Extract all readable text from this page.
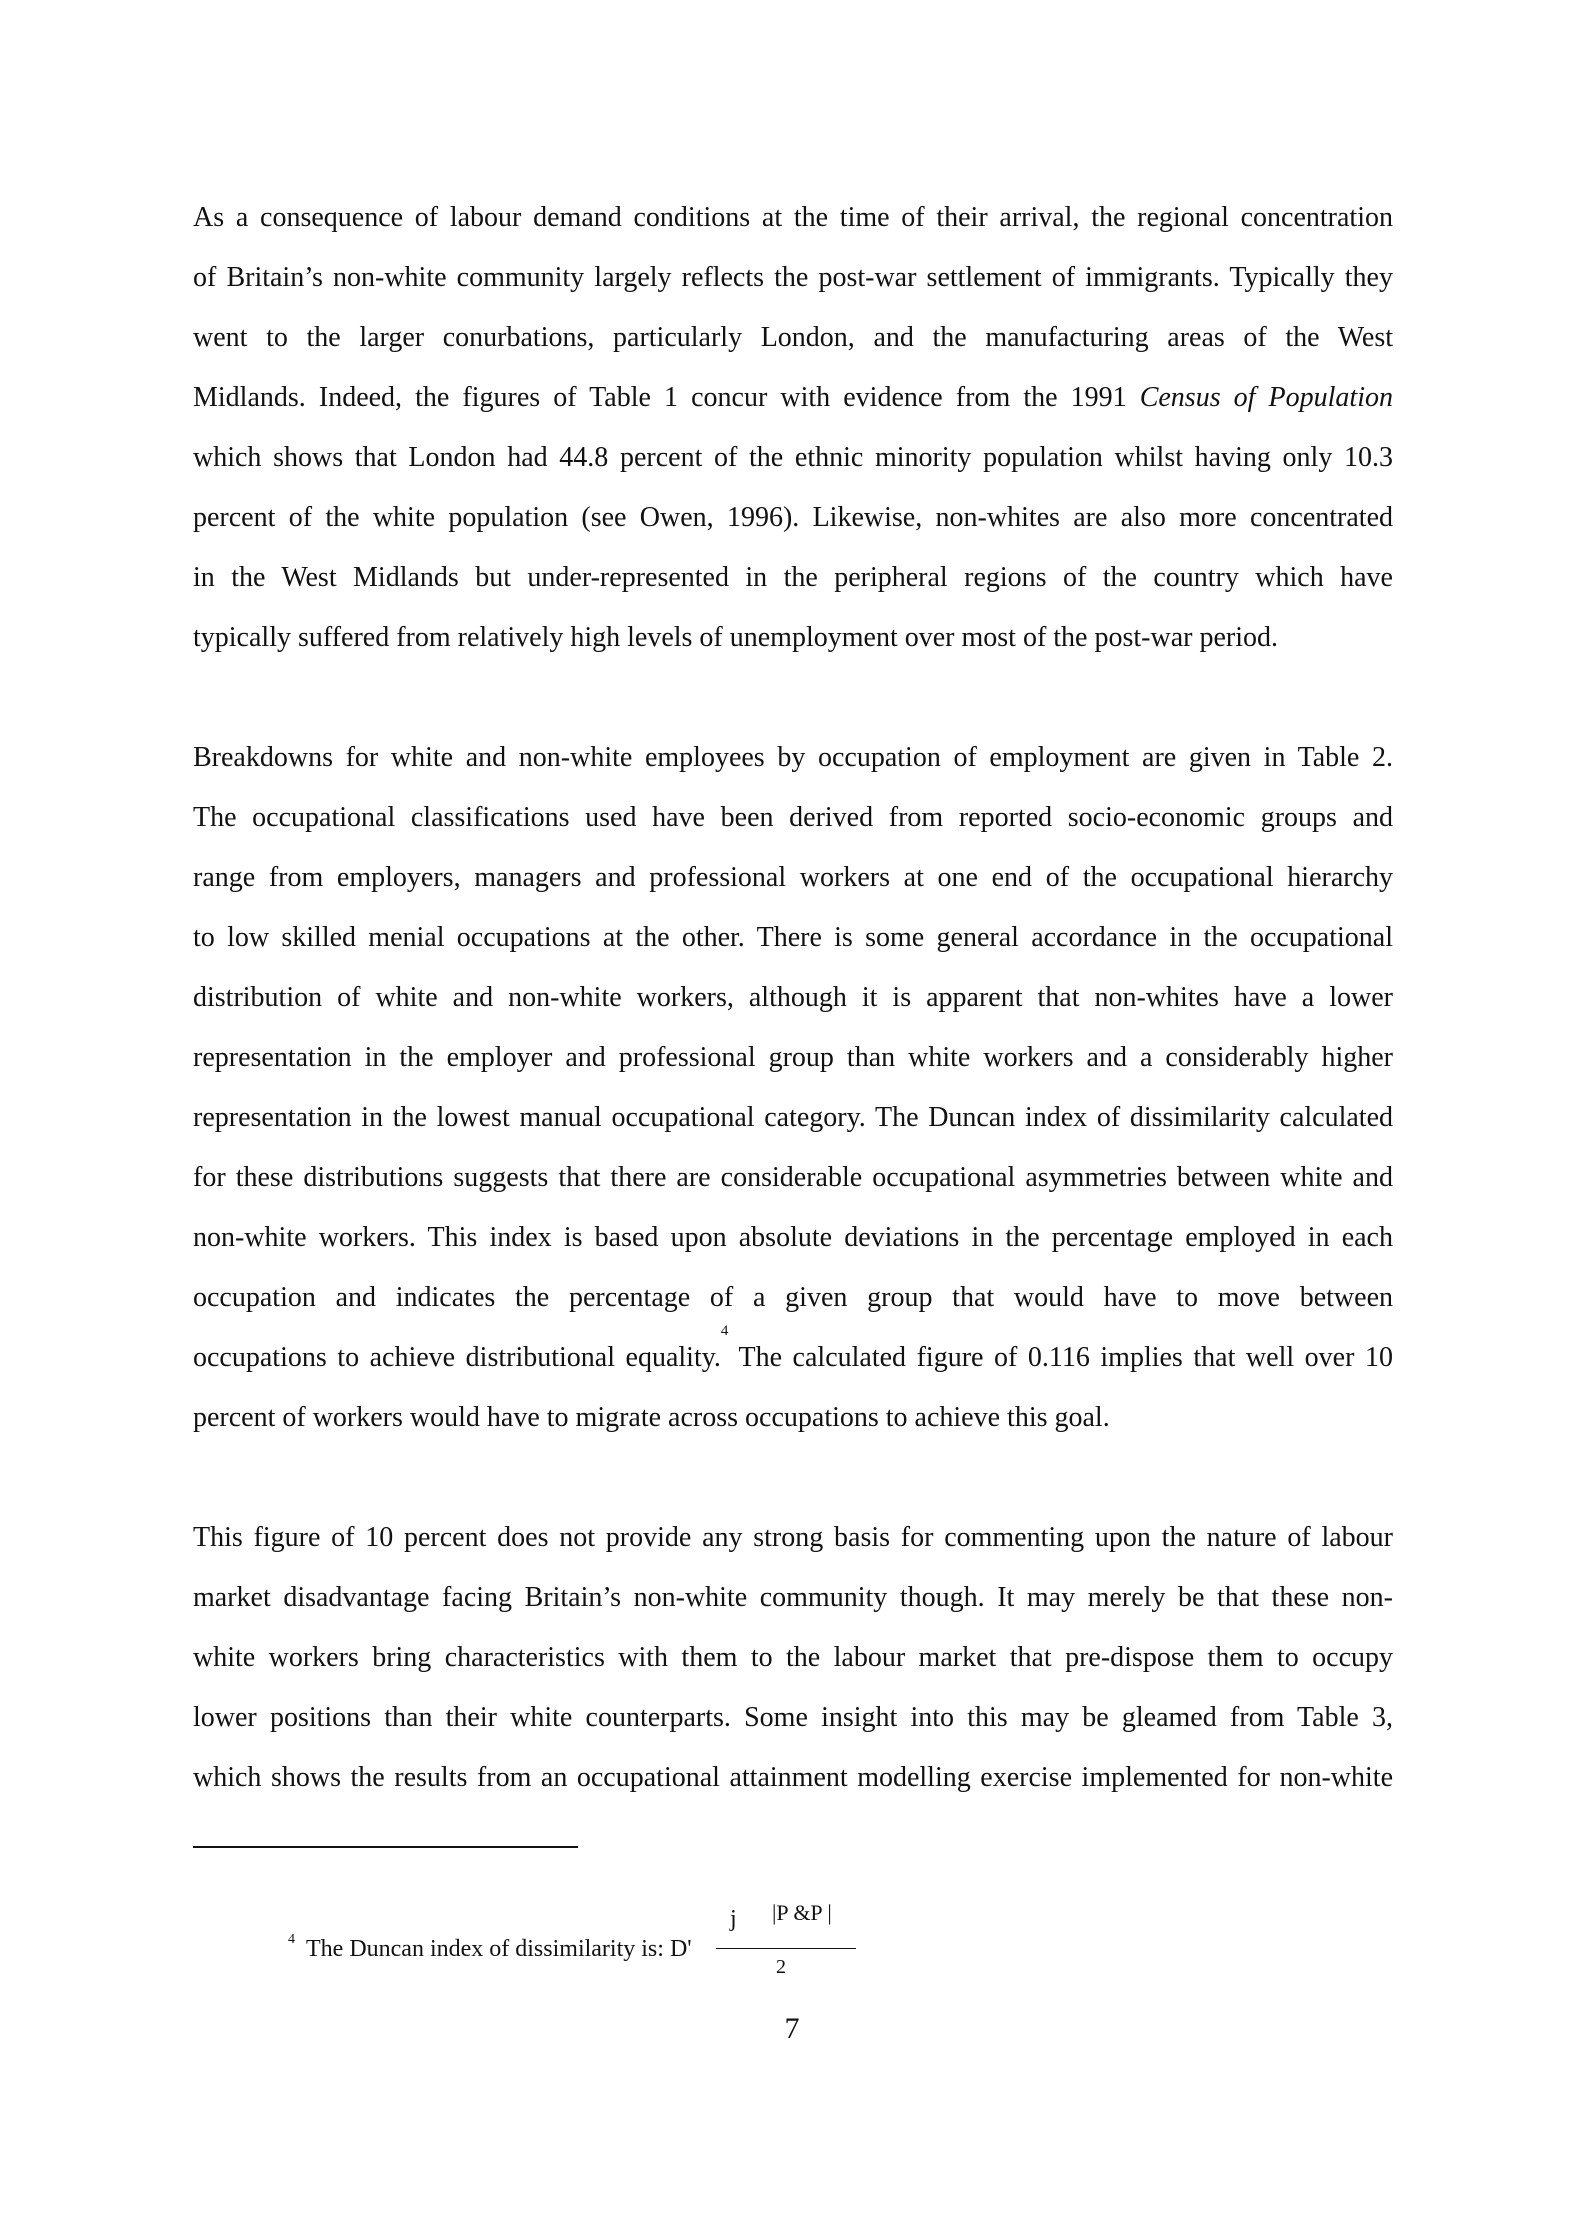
As a consequence of labour demand conditions at the time of their arrival, the regional concentration
of Britain’s non-white community largely reflects the post-war settlement of immigrants. Typically they
went to the larger conurbations, particularly London, and the manufacturing areas of the West
Midlands. Indeed, the figures of Table 1 concur with evidence from the 1991 Census of Population
which shows that London had 44.8 percent of the ethnic minority population whilst having only 10.3
percent of the white population (see Owen, 1996). Likewise, non-whites are also more concentrated
in the West Midlands but under-represented in the peripheral regions of the country which have
typically suffered from relatively high levels of unemployment over most of the post-war period.

Breakdowns for white and non-white employees by occupation of employment are given in Table 2.
The occupational classifications used have been derived from reported socio-economic groups and
range from employers, managers and professional workers at one end of the occupational hierarchy
to low skilled menial occupations at the other. There is some general accordance in the occupational
distribution of white and non-white workers, although it is apparent that non-whites have a lower
representation in the employer and professional group than white workers and a considerably higher
representation in the lowest manual occupational category. The Duncan index of dissimilarity calculated
for these distributions suggests that there are considerable occupational asymmetries between white and
non-white workers. This index is based upon absolute deviations in the percentage employed in each
occupation and indicates the percentage of a given group that would have to move between
occupations to achieve distributional equality.$^4$ The calculated figure of 0.116 implies that well over 10
percent of workers would have to migrate across occupations to achieve this goal.

This figure of 10 percent does not provide any strong basis for commenting upon the nature of labour
market disadvantage facing Britain’s non-white community though. It may merely be that these non-
white workers bring characteristics with them to the labour market that pre-dispose them to occupy
lower positions than their white counterparts. Some insight into this may be gleamed from Table 3,
which shows the results from an occupational attainment modelling exercise implemented for non-white

4 The Duncan index of dissimilarity is: D'
j |P &P |
2
7
